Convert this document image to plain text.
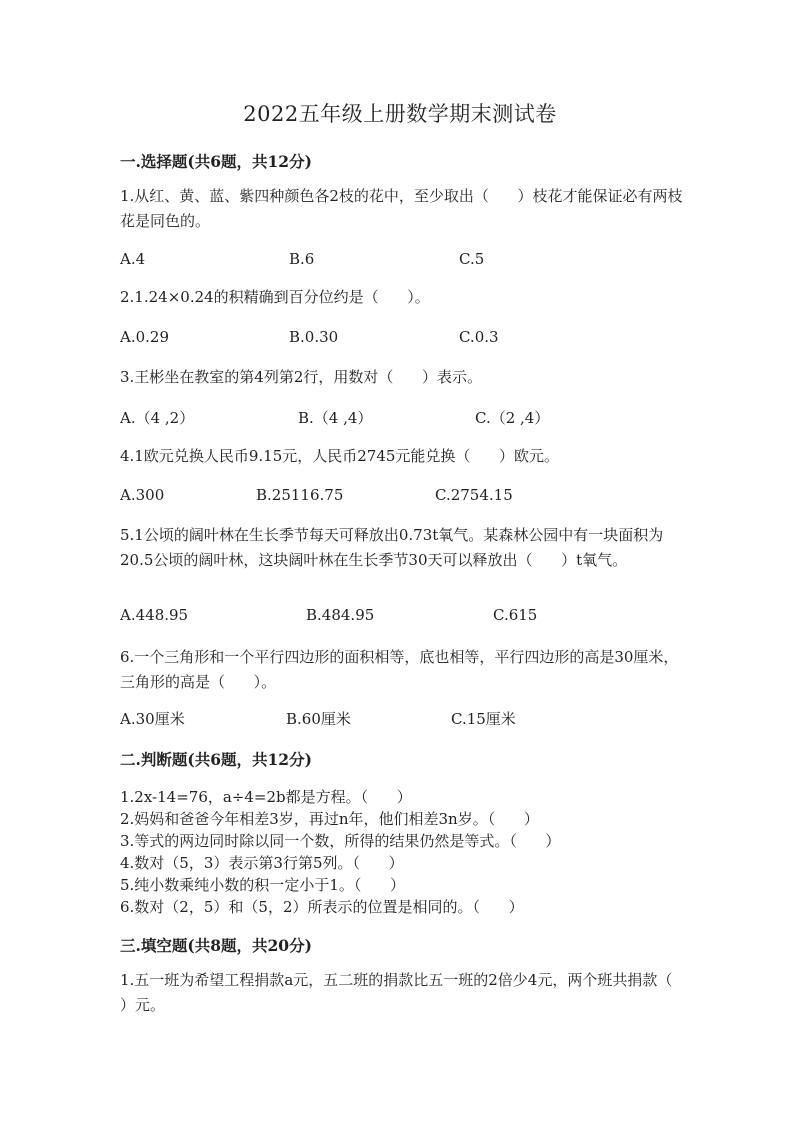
2022五年级上册数学期末测试卷
一.选择题(共6题，共12分)
1.从红、黄、蓝、紫四种颜色各2枝的花中，至少取出（      ）枝花才能保证必有两枝花是同色的。
A.4	B.6	C.5
2.1.24×0.24的积精确到百分位约是（      ）。
A.0.29	B.0.30	C.0.3
3.王彬坐在教室的第4列第2行，用数对（      ）表示。
A.（4 ,2）	B.（4 ,4）	C.（2 ,4）
4.1欧元兑换人民币9.15元，人民币2745元能兑换（      ）欧元。
A.300	B.25116.75	C.2754.15
5.1公顷的阔叶林在生长季节每天可释放出0.73t氧气。某森林公园中有一块面积为20.5公顷的阔叶林，这块阔叶林在生长季节30天可以释放出（      ）t氧气。
A.448.95	B.484.95	C.615
6.一个三角形和一个平行四边形的面积相等，底也相等，平行四边形的高是30厘米，三角形的高是（      ）。
A.30厘米	B.60厘米	C.15厘米
二.判断题(共6题，共12分)
1.2x-14=76，a÷4=2b都是方程。（      ）
2.妈妈和爸爸今年相差3岁，再过n年，他们相差3n岁。（      ）
3.等式的两边同时除以同一个数，所得的结果仍然是等式。（      ）
4.数对（5，3）表示第3行第5列。（      ）
5.纯小数乘纯小数的积一定小于1。（      ）
6.数对（2，5）和（5，2）所表示的位置是相同的。（      ）
三.填空题(共8题，共20分)
1.五一班为希望工程捐款a元，五二班的捐款比五一班的2倍少4元，两个班共捐款（      ）元。
